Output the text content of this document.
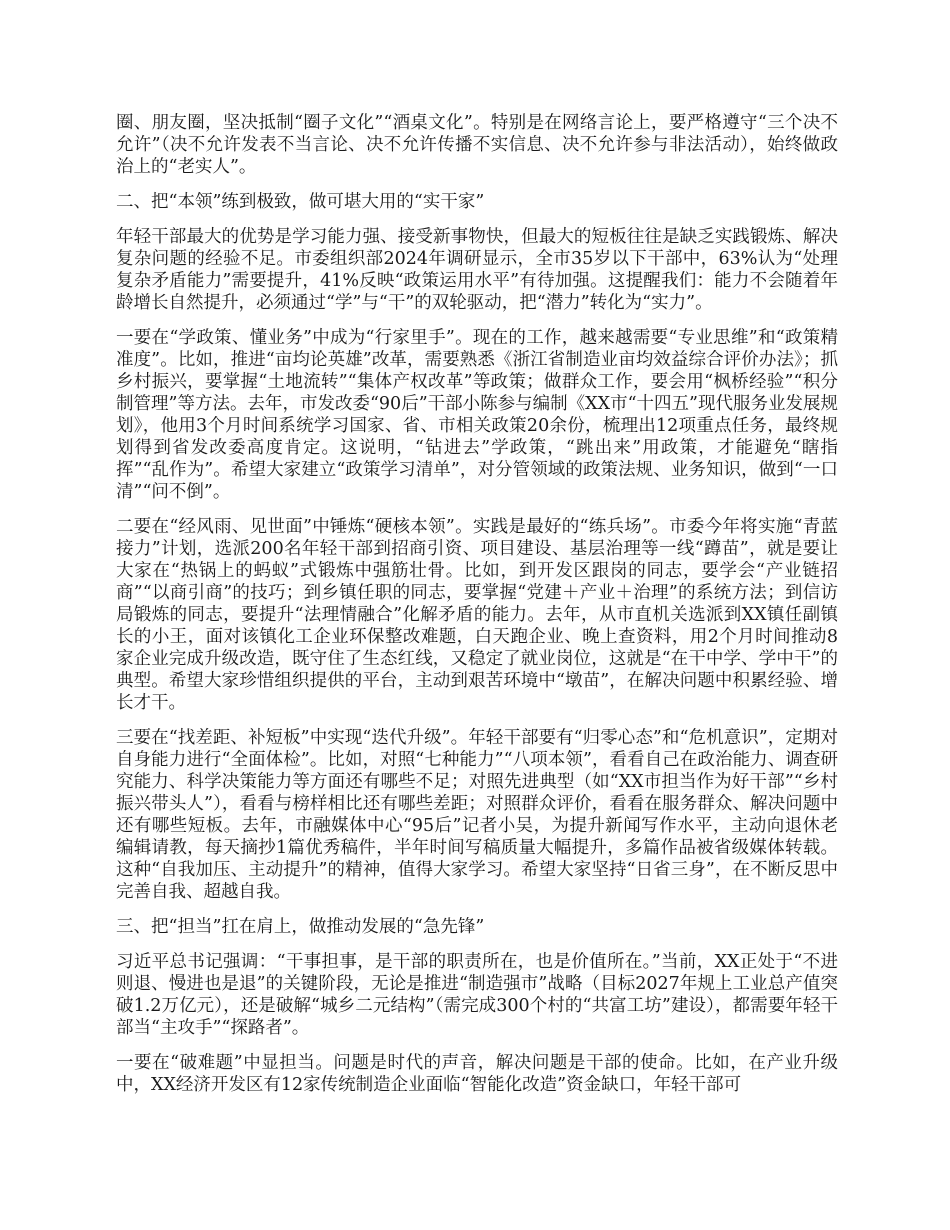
圈、朋友圈，坚决抵制“圈子文化”“酒桌文化”。特别是在网络言论上，要严格遵守“三个决不允许”（决不允许发表不当言论、决不允许传播不实信息、决不允许参与非法活动），始终做政治上的“老实人”。

二、把“本领”练到极致，做可堪大用的“实干家”

年轻干部最大的优势是学习能力强、接受新事物快，但最大的短板往往是缺乏实践锻炼、解决复杂问题的经验不足。市委组织部2024年调研显示，全市35岁以下干部中，63%认为“处理复杂矛盾能力”需要提升，41%反映“政策运用水平”有待加强。这提醒我们：能力不会随着年龄增长自然提升，必须通过“学”与“干”的双轮驱动，把“潜力”转化为“实力”。

一要在“学政策、懂业务”中成为“行家里手”。现在的工作，越来越需要“专业思维”和“政策精准度”。比如，推进“亩均论英雄”改革，需要熟悉《浙江省制造业亩均效益综合评价办法》；抓乡村振兴，要掌握“土地流转”“集体产权改革”等政策；做群众工作，要会用“枫桥经验”“积分制管理”等方法。去年，市发改委“90后”干部小陈参与编制《XX市“十四五”现代服务业发展规划》，他用3个月时间系统学习国家、省、市相关政策20余份，梳理出12项重点任务，最终规划得到省发改委高度肯定。这说明，“钻进去”学政策，“跳出来”用政策，才能避免“瞎指挥”“乱作为”。希望大家建立“政策学习清单”，对分管领域的政策法规、业务知识，做到“一口清”“问不倒”。

二要在“经风雨、见世面”中锤炼“硬核本领”。实践是最好的“练兵场”。市委今年将实施“青蓝接力”计划，选派200名年轻干部到招商引资、项目建设、基层治理等一线“蹲苗”，就是要让大家在“热锅上的蚂蚁”式锻炼中强筋壮骨。比如，到开发区跟岗的同志，要学会“产业链招商”“以商引商”的技巧；到乡镇任职的同志，要掌握“党建＋产业＋治理”的系统方法；到信访局锻炼的同志，要提升“法理情融合”化解矛盾的能力。去年，从市直机关选派到XX镇任副镇长的小王，面对该镇化工企业环保整改难题，白天跑企业、晚上查资料，用2个月时间推动8家企业完成升级改造，既守住了生态红线，又稳定了就业岗位，这就是“在干中学、学中干”的典型。希望大家珍惜组织提供的平台，主动到艰苦环境中“墩苗”，在解决问题中积累经验、增长才干。

三要在“找差距、补短板”中实现“迭代升级”。年轻干部要有“归零心态”和“危机意识”，定期对自身能力进行“全面体检”。比如，对照“七种能力”“八项本领”，看看自己在政治能力、调查研究能力、科学决策能力等方面还有哪些不足；对照先进典型（如“XX市担当作为好干部”“乡村振兴带头人”），看看与榜样相比还有哪些差距；对照群众评价，看看在服务群众、解决问题中还有哪些短板。去年，市融媒体中心“95后”记者小吴，为提升新闻写作水平，主动向退休老编辑请教，每天摘抄1篇优秀稿件，半年时间写稿质量大幅提升，多篇作品被省级媒体转载。这种“自我加压、主动提升”的精神，值得大家学习。希望大家坚持“日省三身”，在不断反思中完善自我、超越自我。

三、把“担当”扛在肩上，做推动发展的“急先锋”

习近平总书记强调：“干事担事，是干部的职责所在，也是价值所在。”当前，XX正处于“不进则退、慢进也是退”的关键阶段，无论是推进“制造强市”战略（目标2027年规上工业总产值突破1.2万亿元），还是破解“城乡二元结构”（需完成300个村的“共富工坊”建设），都需要年轻干部当“主攻手”“探路者”。

一要在“破难题”中显担当。问题是时代的声音，解决问题是干部的使命。比如，在产业升级中，XX经济开发区有12家传统制造企业面临“智能化改造”资金缺口，年轻干部可
